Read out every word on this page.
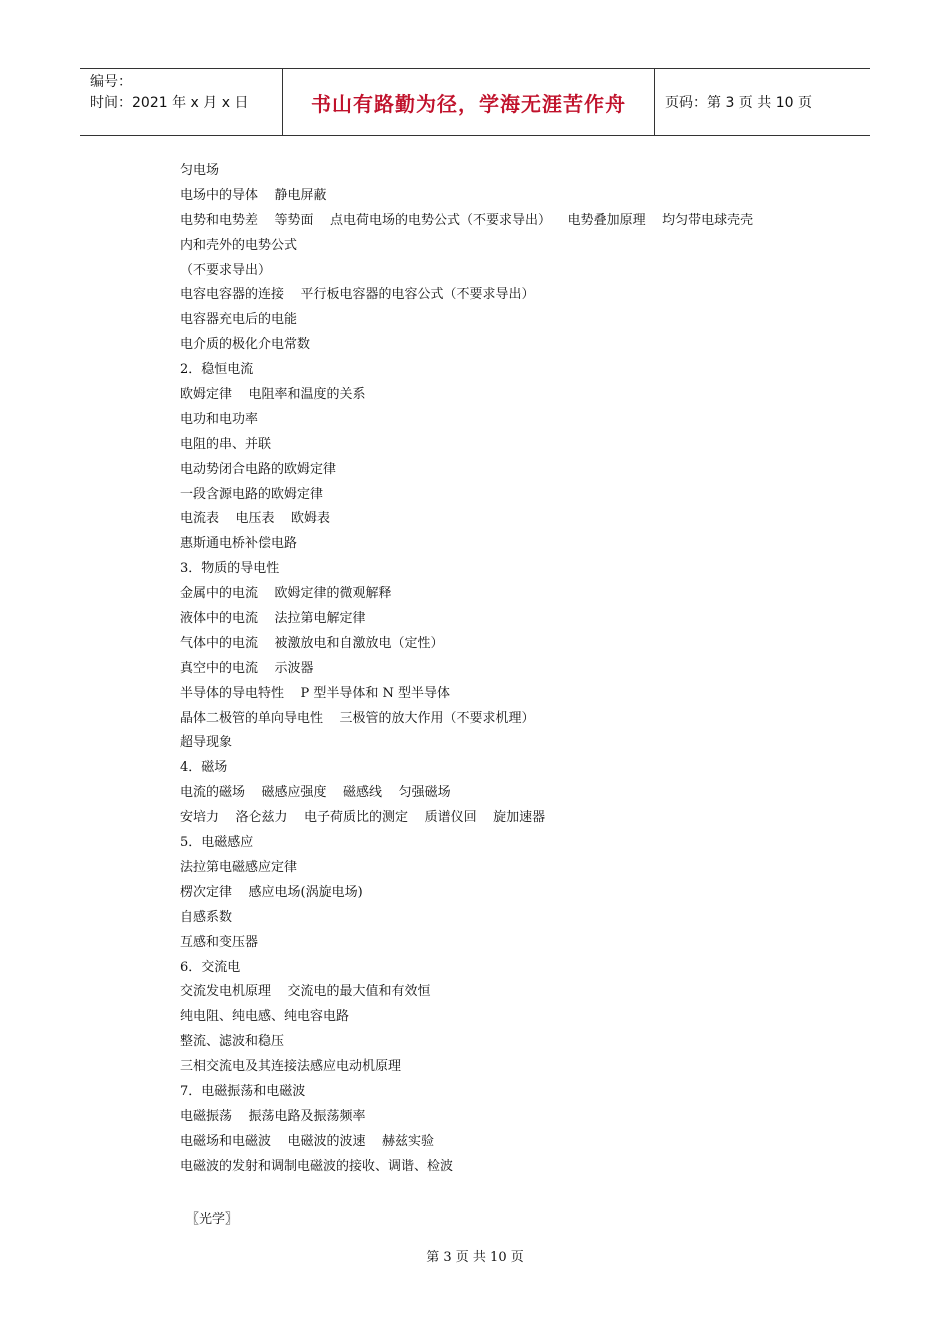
编号：
时间：2021 年 x 月 x 日	书山有路勤为径，学海无涯苦作舟	页码：第 3 页 共 10 页
匀电场
电场中的导体    静电屏蔽
电势和电势差    等势面    点电荷电场的电势公式（不要求导出）    电势叠加原理    均匀带电球壳壳
内和壳外的电势公式
（不要求导出）
电容电容器的连接    平行板电容器的电容公式（不要求导出）
电容器充电后的电能
电介质的极化介电常数
2．稳恒电流
欧姆定律    电阻率和温度的关系
电功和电功率
电阻的串、并联
电动势闭合电路的欧姆定律
一段含源电路的欧姆定律
电流表    电压表    欧姆表
惠斯通电桥补偿电路
3．物质的导电性
金属中的电流    欧姆定律的微观解释
液体中的电流    法拉第电解定律
气体中的电流    被激放电和自激放电（定性）
真空中的电流    示波器
半导体的导电特性    P 型半导体和 N 型半导体
晶体二极管的单向导电性    三极管的放大作用（不要求机理）
超导现象
4．磁场
电流的磁场    磁感应强度    磁感线    匀强磁场
安培力    洛仑兹力    电子荷质比的测定    质谱仪回    旋加速器
5．电磁感应
法拉第电磁感应定律
楞次定律    感应电场(涡旋电场)
自感系数
互感和变压器
6．交流电
交流发电机原理    交流电的最大值和有效恒
纯电阻、纯电感、纯电容电路
整流、滤波和稳压
三相交流电及其连接法感应电动机原理
7．电磁振荡和电磁波
电磁振荡    振荡电路及振荡频率
电磁场和电磁波    电磁波的波速    赫兹实验
电磁波的发射和调制电磁波的接收、调谐、检波
〖光学〗
第 3 页 共 10 页
